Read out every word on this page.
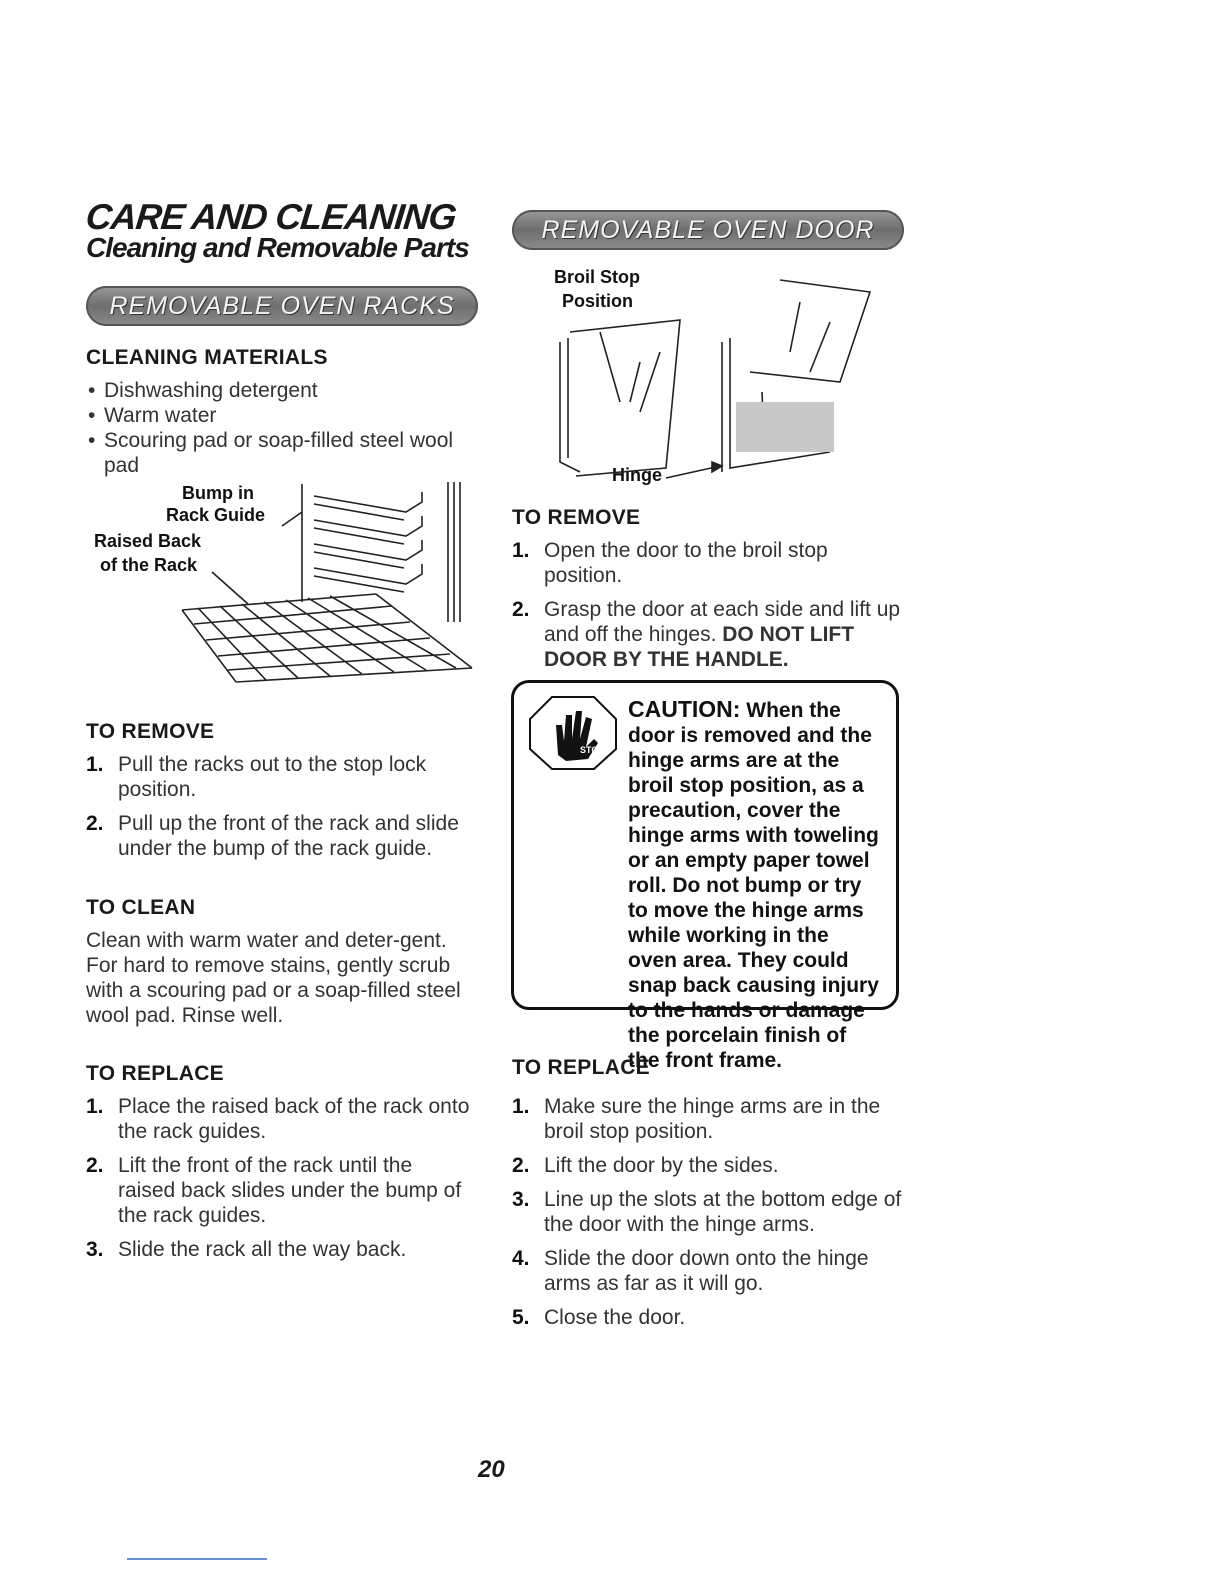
CARE AND CLEANING
Cleaning and Removable Parts
REMOVABLE OVEN RACKS
CLEANING MATERIALS
• Dishwashing detergent
• Warm water
• Scouring pad or soap-filled steel wool pad
Bump in
Rack Guide
Raised Back
of the Rack
TO REMOVE
1. Pull the racks out to the stop lock position.
2. Pull up the front of the rack and slide under the bump of the rack guide.
TO CLEAN
Clean with warm water and deter-gent. For hard to remove stains, gently scrub with a scouring pad or a soap-filled steel wool pad. Rinse well.
TO REPLACE
1. Place the raised back of the rack onto the rack guides.
2. Lift the front of the rack until the raised back slides under the bump of the rack guides.
3. Slide the rack all the way back.
REMOVABLE OVEN DOOR
Broil Stop
Position
Hinge
TO REMOVE
1. Open the door to the broil stop position.
2. Grasp the door at each side and lift up and off the hinges. DO NOT LIFT DOOR BY THE HANDLE.
STOP!
CAUTION: When the door is removed and the hinge arms are at the broil stop position, as a precaution, cover the hinge arms with toweling or an empty paper towel roll. Do not bump or try to move the hinge arms while working in the oven area. They could snap back causing injury to the hands or damage the porcelain finish of the front frame.
TO REPLACE
1. Make sure the hinge arms are in the broil stop position.
2. Lift the door by the sides.
3. Line up the slots at the bottom edge of the door with the hinge arms.
4. Slide the door down onto the hinge arms as far as it will go.
5. Close the door.
20
